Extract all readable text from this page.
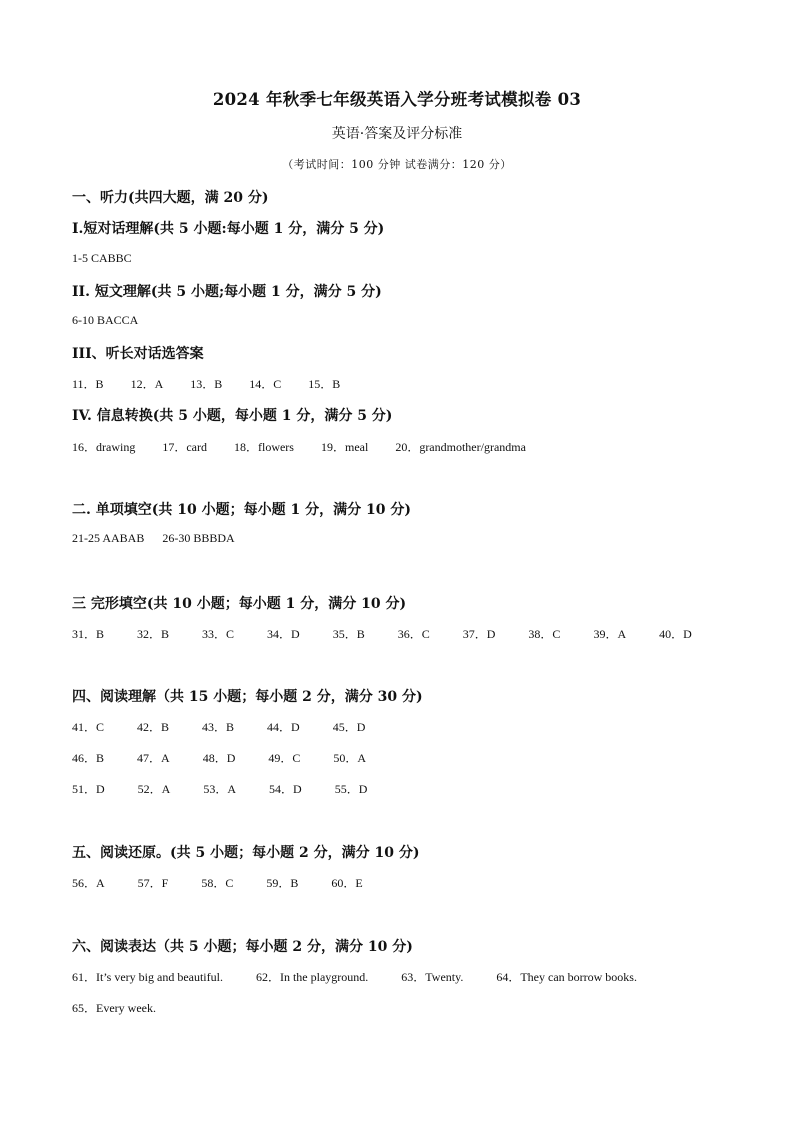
2024 年秋季七年级英语入学分班考试模拟卷 03
英语·答案及评分标准
（考试时间：100 分钟 试卷满分：120 分）
一、听力(共四大题，满 20 分)
Ⅰ.短对话理解(共 5 小题:每小题 1 分，满分 5 分)
1-5 CABBC
II. 短文理解(共 5 小题;每小题 1 分，满分 5 分)
6-10 BACCA
III、听长对话选答案
11．B 12．A 13．B 14．C 15．B
IV. 信息转换(共 5 小题，每小题 1 分，满分 5 分)
16．drawing 17．card 18．flowers 19．meal 20．grandmother/grandma
二. 单项填空(共 10 小题；每小题 1 分，满分 10 分)
21-25 AABAB      26-30 BBBDA
三 完形填空(共 10 小题；每小题 1 分，满分 10 分)
31．B	32．B	33．C	34．D	35．B	36．C	37．D	38．C	39．A	40．D
四、阅读理解（共 15 小题；每小题 2 分，满分 30 分)
41．C	42．B	43．B	44．D	45．D
46．B	47．A	48．D	49．C	50．A
51．D	52．A	53．A	54．D	55．D
五、阅读还原。(共 5 小题；每小题 2 分，满分 10 分)
56．A	57．F	58．C	59．B	60．E
六、阅读表达（共 5 小题；每小题 2 分，满分 10 分)
61．It’s very big and beautiful.	62．In the playground.	63．Twenty.	64．They can borrow books.
65．Every week.
